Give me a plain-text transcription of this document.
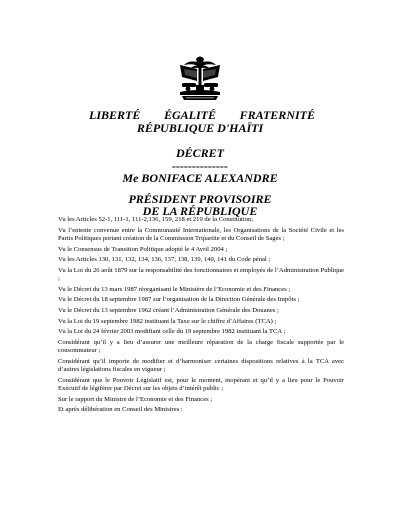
LIBERTÉ ÉGALITÉ FRATERNITÉ
RÉPUBLIQUE D'HAÏTI
DÉCRET
--------------
Me BONIFACE ALEXANDRE
PRÉSIDENT PROVISOIRE
DE LA RÉPUBLIQUE

Vu les Articles 52-1, 111-1, 111-2,136, 159, 218 et 219 de la Constitution;

Vu l’entente convenue entre la Communauté Internationale, les Organisations de la Société Civile et les Partis Politiques portant création de la Commission Tripartite et du Conseil de Sages ;

Vu le Consensus de Transition Politique adopté le 4 Avril 2004 ;

Vu les Articles 130, 131, 132, 134, 136, 137, 138, 139, 140, 141 du Code pénal ;

Vu la Loi du 26 août 1879 sur la responsabilité des fonctionnaires et employés de l’Administration Publique ;

Vu le Décret du 13 mars 1987 réorganisant le Ministère de l’Economie et des Finances ;

Vu le Décret du 18 septembre 1987 sur l’organisation de la Direction Générale des Impôts ;

Vu le Décret du 13 septembre 1962 créant l’Administration Générale des Douanes ;

Vu la Loi du 19 septembre 1982 instituant la Taxe sur le chiffre d’Affaires (TCA) ;

Vu la Loi du 24 février 2003 modifiant celle du 19 septembre 1982 instituant la TCA ;

Considérant qu’il y a lieu d’assurer une meilleure réparation de la charge fiscale supportée par le consommateur ;

Considérant qu’il importe de modifier et d’harmoniser certaines dispositions relatives à la TCA avec d’autres législations fiscales en vigueur ;

Considérant que le Pouvoir Législatif est, pour le moment, inopérant et qu’il y a lieu pour le Pouvoir Exécutif de légiférer par Décret sur les objets d’intérêt public ;

Sur le rapport du Ministre de l’Economie et des Finances ;

Et après délibération en Conseil des Ministres :
